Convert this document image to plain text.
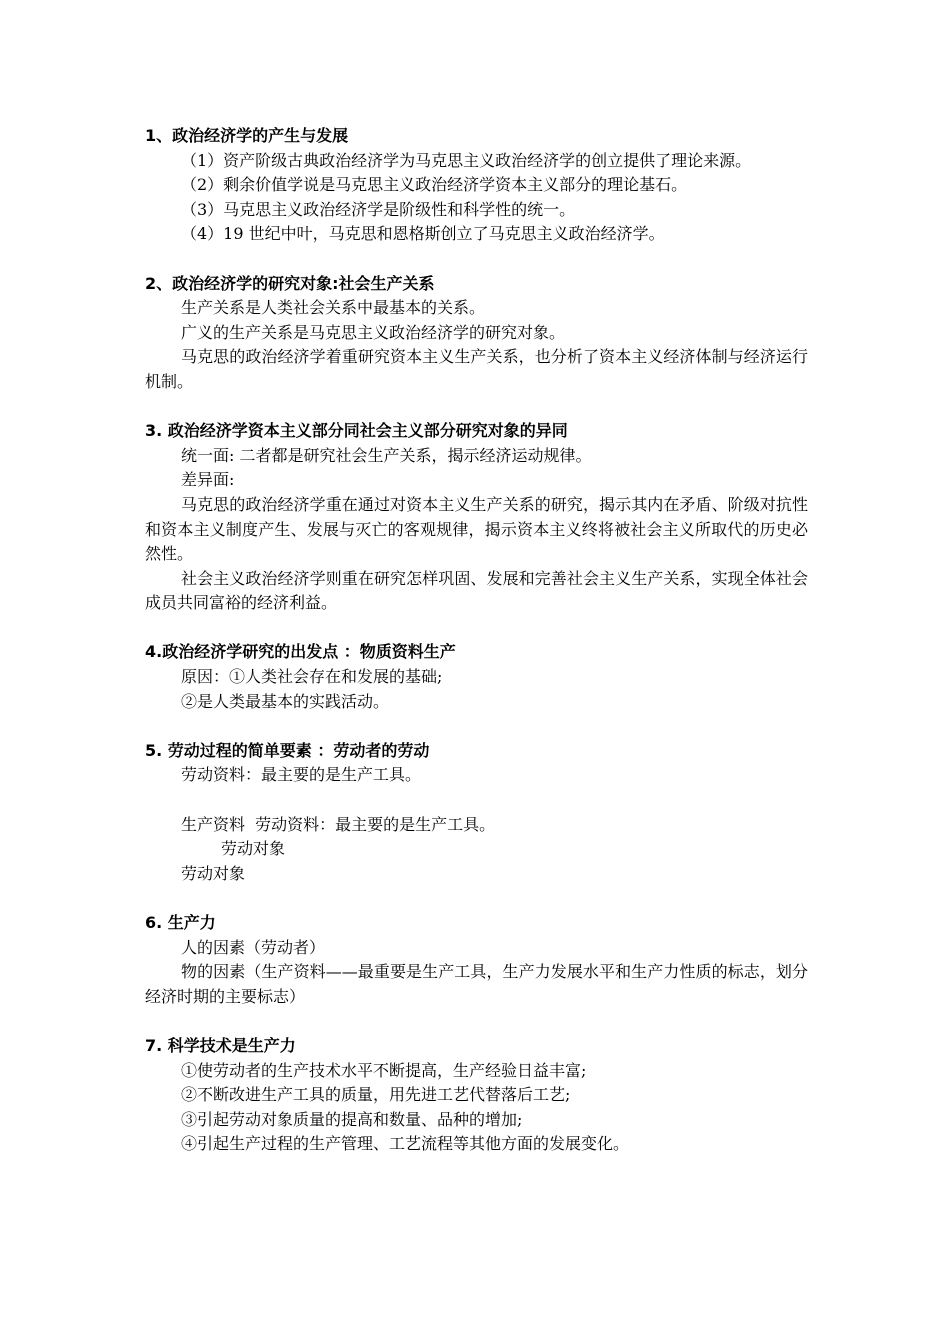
1、政治经济学的产生与发展

（1）资产阶级古典政治经济学为马克思主义政治经济学的创立提供了理论来源。

（2）剩余价值学说是马克思主义政治经济学资本主义部分的理论基石。

（3）马克思主义政治经济学是阶级性和科学性的统一。

（4）19 世纪中叶，马克思和恩格斯创立了马克思主义政治经济学。

2、政治经济学的研究对象:社会生产关系

生产关系是人类社会关系中最基本的关系。

广义的生产关系是马克思主义政治经济学的研究对象。

马克思的政治经济学着重研究资本主义生产关系，也分析了资本主义经济体制与经济运行机制。

3. 政治经济学资本主义部分同社会主义部分研究对象的异同

统一面: 二者都是研究社会生产关系，揭示经济运动规律。

差异面:

马克思的政治经济学重在通过对资本主义生产关系的研究，揭示其内在矛盾、阶级对抗性和资本主义制度产生、发展与灭亡的客观规律，揭示资本主义终将被社会主义所取代的历史必然性。

社会主义政治经济学则重在研究怎样巩固、发展和完善社会主义生产关系，实现全体社会成员共同富裕的经济利益。

4.政治经济学研究的出发点 ：物质资料生产

原因：①人类社会存在和发展的基础;

②是人类最基本的实践活动。

5. 劳动过程的简单要素 ：劳动者的劳动

劳动资料：最主要的是生产工具。

生产资料  劳动资料：最主要的是生产工具。

劳动对象

劳动对象

6. 生产力

人的因素（劳动者）

物的因素（生产资料——最重要是生产工具，生产力发展水平和生产力性质的标志，划分经济时期的主要标志）

7. 科学技术是生产力

①使劳动者的生产技术水平不断提高，生产经验日益丰富;

②不断改进生产工具的质量，用先进工艺代替落后工艺;

③引起劳动对象质量的提高和数量、品种的增加;

④引起生产过程的生产管理、工艺流程等其他方面的发展变化。
